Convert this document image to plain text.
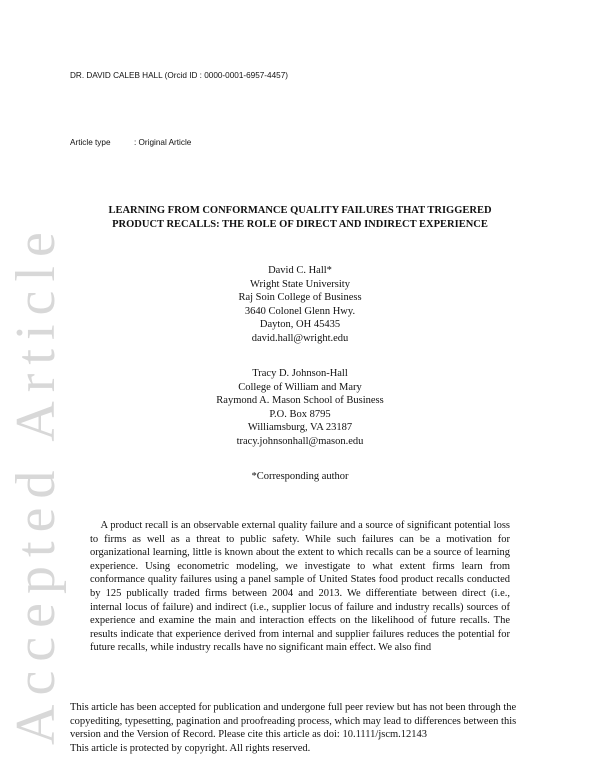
Accepted Article
DR. DAVID CALEB HALL (Orcid ID : 0000-0001-6957-4457)
Article type	: Original Article
LEARNING FROM CONFORMANCE QUALITY FAILURES THAT TRIGGERED
PRODUCT RECALLS: THE ROLE OF DIRECT AND INDIRECT EXPERIENCE
David C. Hall*
Wright State University
Raj Soin College of Business
3640 Colonel Glenn Hwy.
Dayton, OH 45435
david.hall@wright.edu
Tracy D. Johnson-Hall
College of William and Mary
Raymond A. Mason School of Business
P.O. Box 8795
Williamsburg, VA 23187
tracy.johnsonhall@mason.edu
*Corresponding author

A product recall is an observable external quality failure and a source of significant potential loss to firms as well as a threat to public safety. While such failures can be a motivation for organizational learning, little is known about the extent to which recalls can be a source of learning experience. Using econometric modeling, we investigate to what extent firms learn from conformance quality failures using a panel sample of United States food product recalls conducted by 125 publically traded firms between 2004 and 2013. We differentiate between direct (i.e., internal locus of failure) and indirect (i.e., supplier locus of failure and industry recalls) sources of experience and examine the main and interaction effects on the likelihood of future recalls. The results indicate that experience derived from internal and supplier failures reduces the potential for future recalls, while industry recalls have no significant main effect. We also find

This article has been accepted for publication and undergone full peer review but has not been through the copyediting, typesetting, pagination and proofreading process, which may lead to differences between this version and the Version of Record. Please cite this article as doi: 10.1111/jscm.12143
This article is protected by copyright. All rights reserved.
